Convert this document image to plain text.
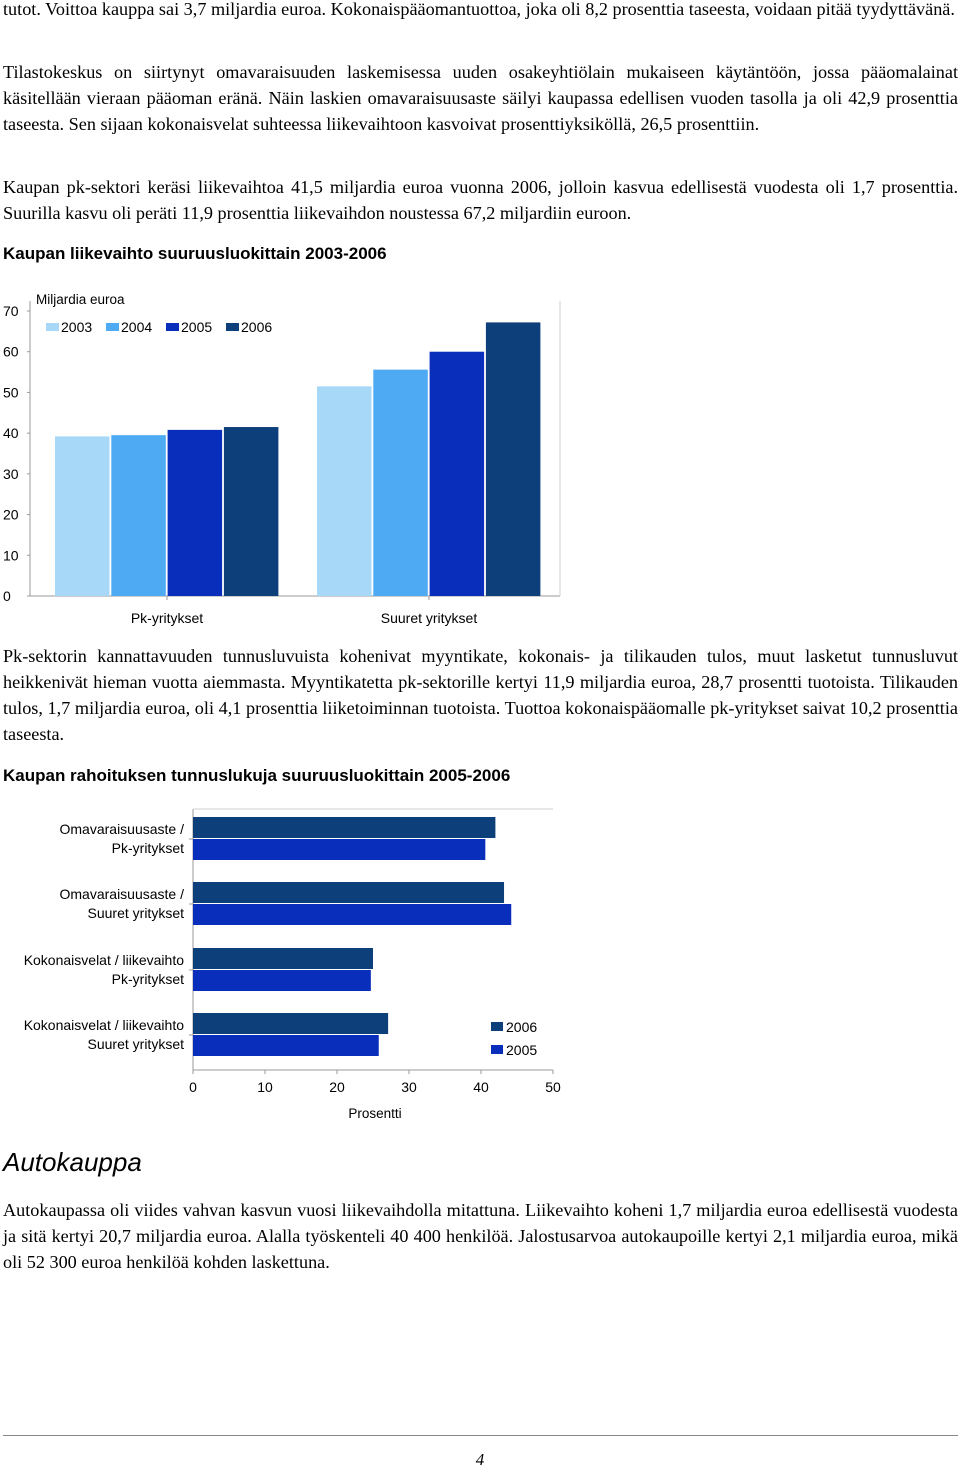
tutot. Voittoa kauppa sai 3,7 miljardia euroa. Kokonaispääomantuottoa, joka oli 8,2 prosenttia taseesta, voidaan pitää tyydyttävänä.

Tilastokeskus on siirtynyt omavaraisuuden laskemisessa uuden osakeyhtiölain mukaiseen käytäntöön, jossa pääomalainat käsitellään vieraan pääoman eränä. Näin laskien omavaraisuusaste säilyi kaupassa edellisen vuoden tasolla ja oli 42,9 prosenttia taseesta. Sen sijaan kokonaisvelat suhteessa liikevaihtoon kasvoivat prosenttiyksiköllä, 26,5 prosenttiin.

Kaupan pk-sektori keräsi liikevaihtoa 41,5 miljardia euroa vuonna 2006, jolloin kasvua edellisestä vuodesta oli 1,7 prosenttia. Suurilla kasvu oli peräti 11,9 prosenttia liikevaihdon noustessa 67,2 miljardiin euroon.

Kaupan liikevaihto suuruusluokittain 2003-2006
0
10
20
30
40
50
60
70
Miljardia euroa
2003 2004 2005 2006
Pk-yritykset	Suuret yritykset

Pk-sektorin kannattavuuden tunnusluvuista kohenivat myyntikate, kokonais- ja tilikauden tulos, muut lasketut tunnusluvut heikkenivät hieman vuotta aiemmasta. Myyntikatetta pk-sektorille kertyi 11,9 miljardia euroa, 28,7 prosentti tuotoista. Tilikauden tulos, 1,7 miljardia euroa, oli 4,1 prosenttia liiketoiminnan tuotoista. Tuottoa kokonaispääomalle pk-yritykset saivat 10,2 prosenttia taseesta.

Kaupan rahoituksen tunnuslukuja suuruusluokittain 2005-2006
0	10	20	30	40	50
Prosentti
Omavaraisuusaste /
Pk-yritykset
Omavaraisuusaste /
Suuret yritykset
Kokonaisvelat / liikevaihto
Pk-yritykset
Kokonaisvelat / liikevaihto
Suuret yritykset
2006
2005
Autokauppa

Autokaupassa oli viides vahvan kasvun vuosi liikevaihdolla mitattuna. Liikevaihto koheni 1,7 miljardia euroa edellisestä vuodesta ja sitä kertyi 20,7 miljardia euroa. Alalla työskenteli 40 400 henkilöä. Jalostusarvoa autokaupoille kertyi 2,1 miljardia euroa, mikä oli 52 300 euroa henkilöä kohden laskettuna.

4
